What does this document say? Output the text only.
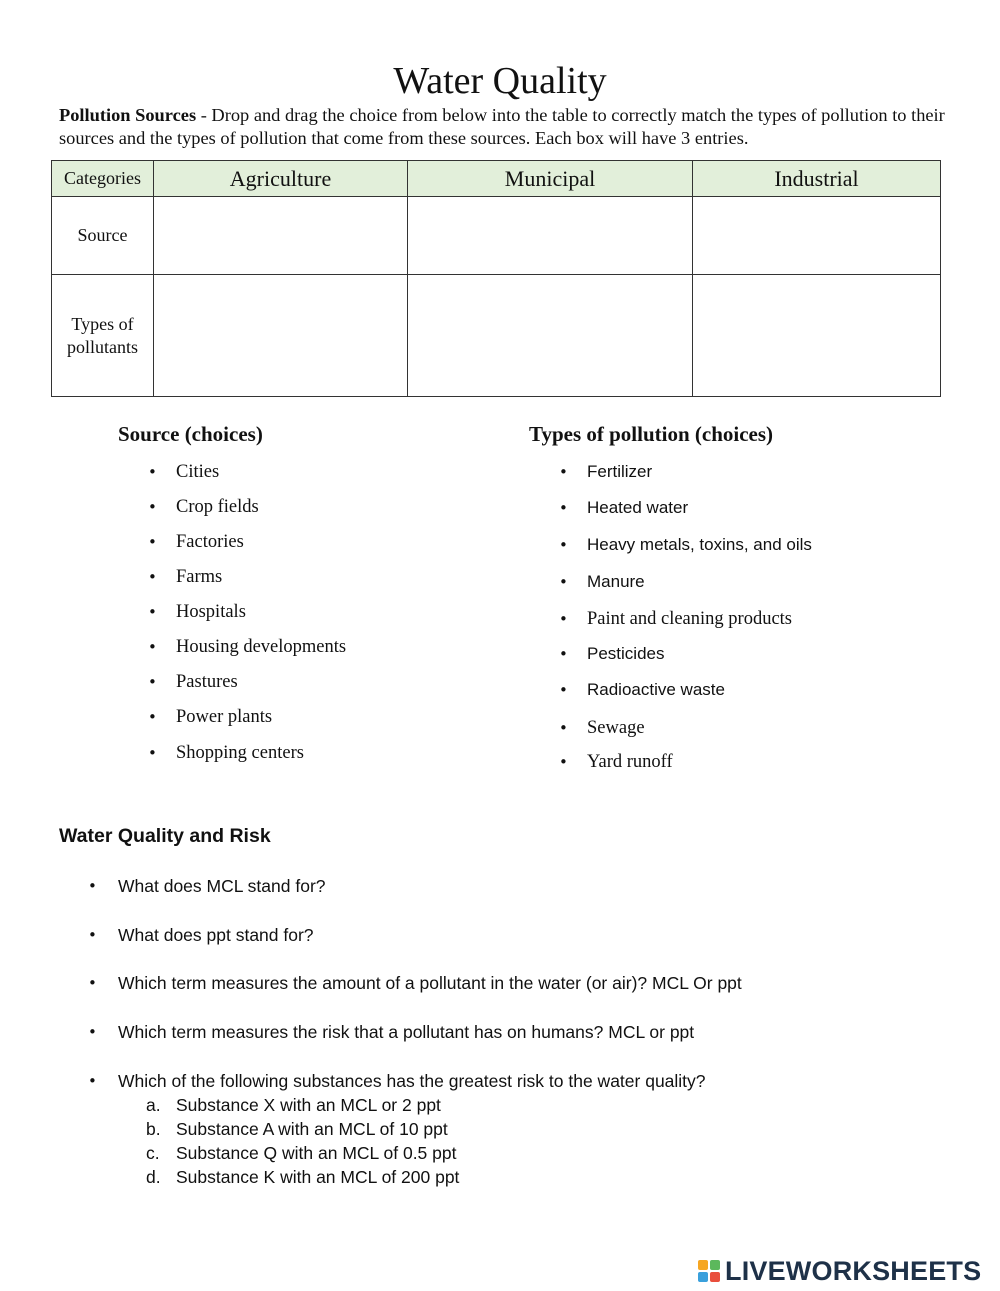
Water Quality
Pollution Sources - Drop and drag the choice from below into the table to correctly match the types of pollution to their sources and the types of pollution that come from these sources. Each box will have 3 entries.
Categories	Agriculture	Municipal	Industrial
Source			
Types of pollutants			
Source (choices)	Types of pollution (choices)
• Cities
• Crop fields
• Factories
• Farms
• Hospitals
• Housing developments
• Pastures
• Power plants
• Shopping centers
• Fertilizer
• Heated water
• Heavy metals, toxins, and oils
• Manure
• Paint and cleaning products
• Pesticides
• Radioactive waste
• Sewage
• Yard runoff
Water Quality and Risk
• What does MCL stand for?
• What does ppt stand for?
• Which term measures the amount of a pollutant in the water (or air)? MCL Or ppt
• Which term measures the risk that a pollutant has on humans? MCL or ppt
• Which of the following substances has the greatest risk to the water quality?
a. Substance X with an MCL or 2 ppt
b. Substance A with an MCL of 10 ppt
c. Substance Q with an MCL of 0.5 ppt
d. Substance K with an MCL of 200 ppt
LIVEWORKSHEETS
